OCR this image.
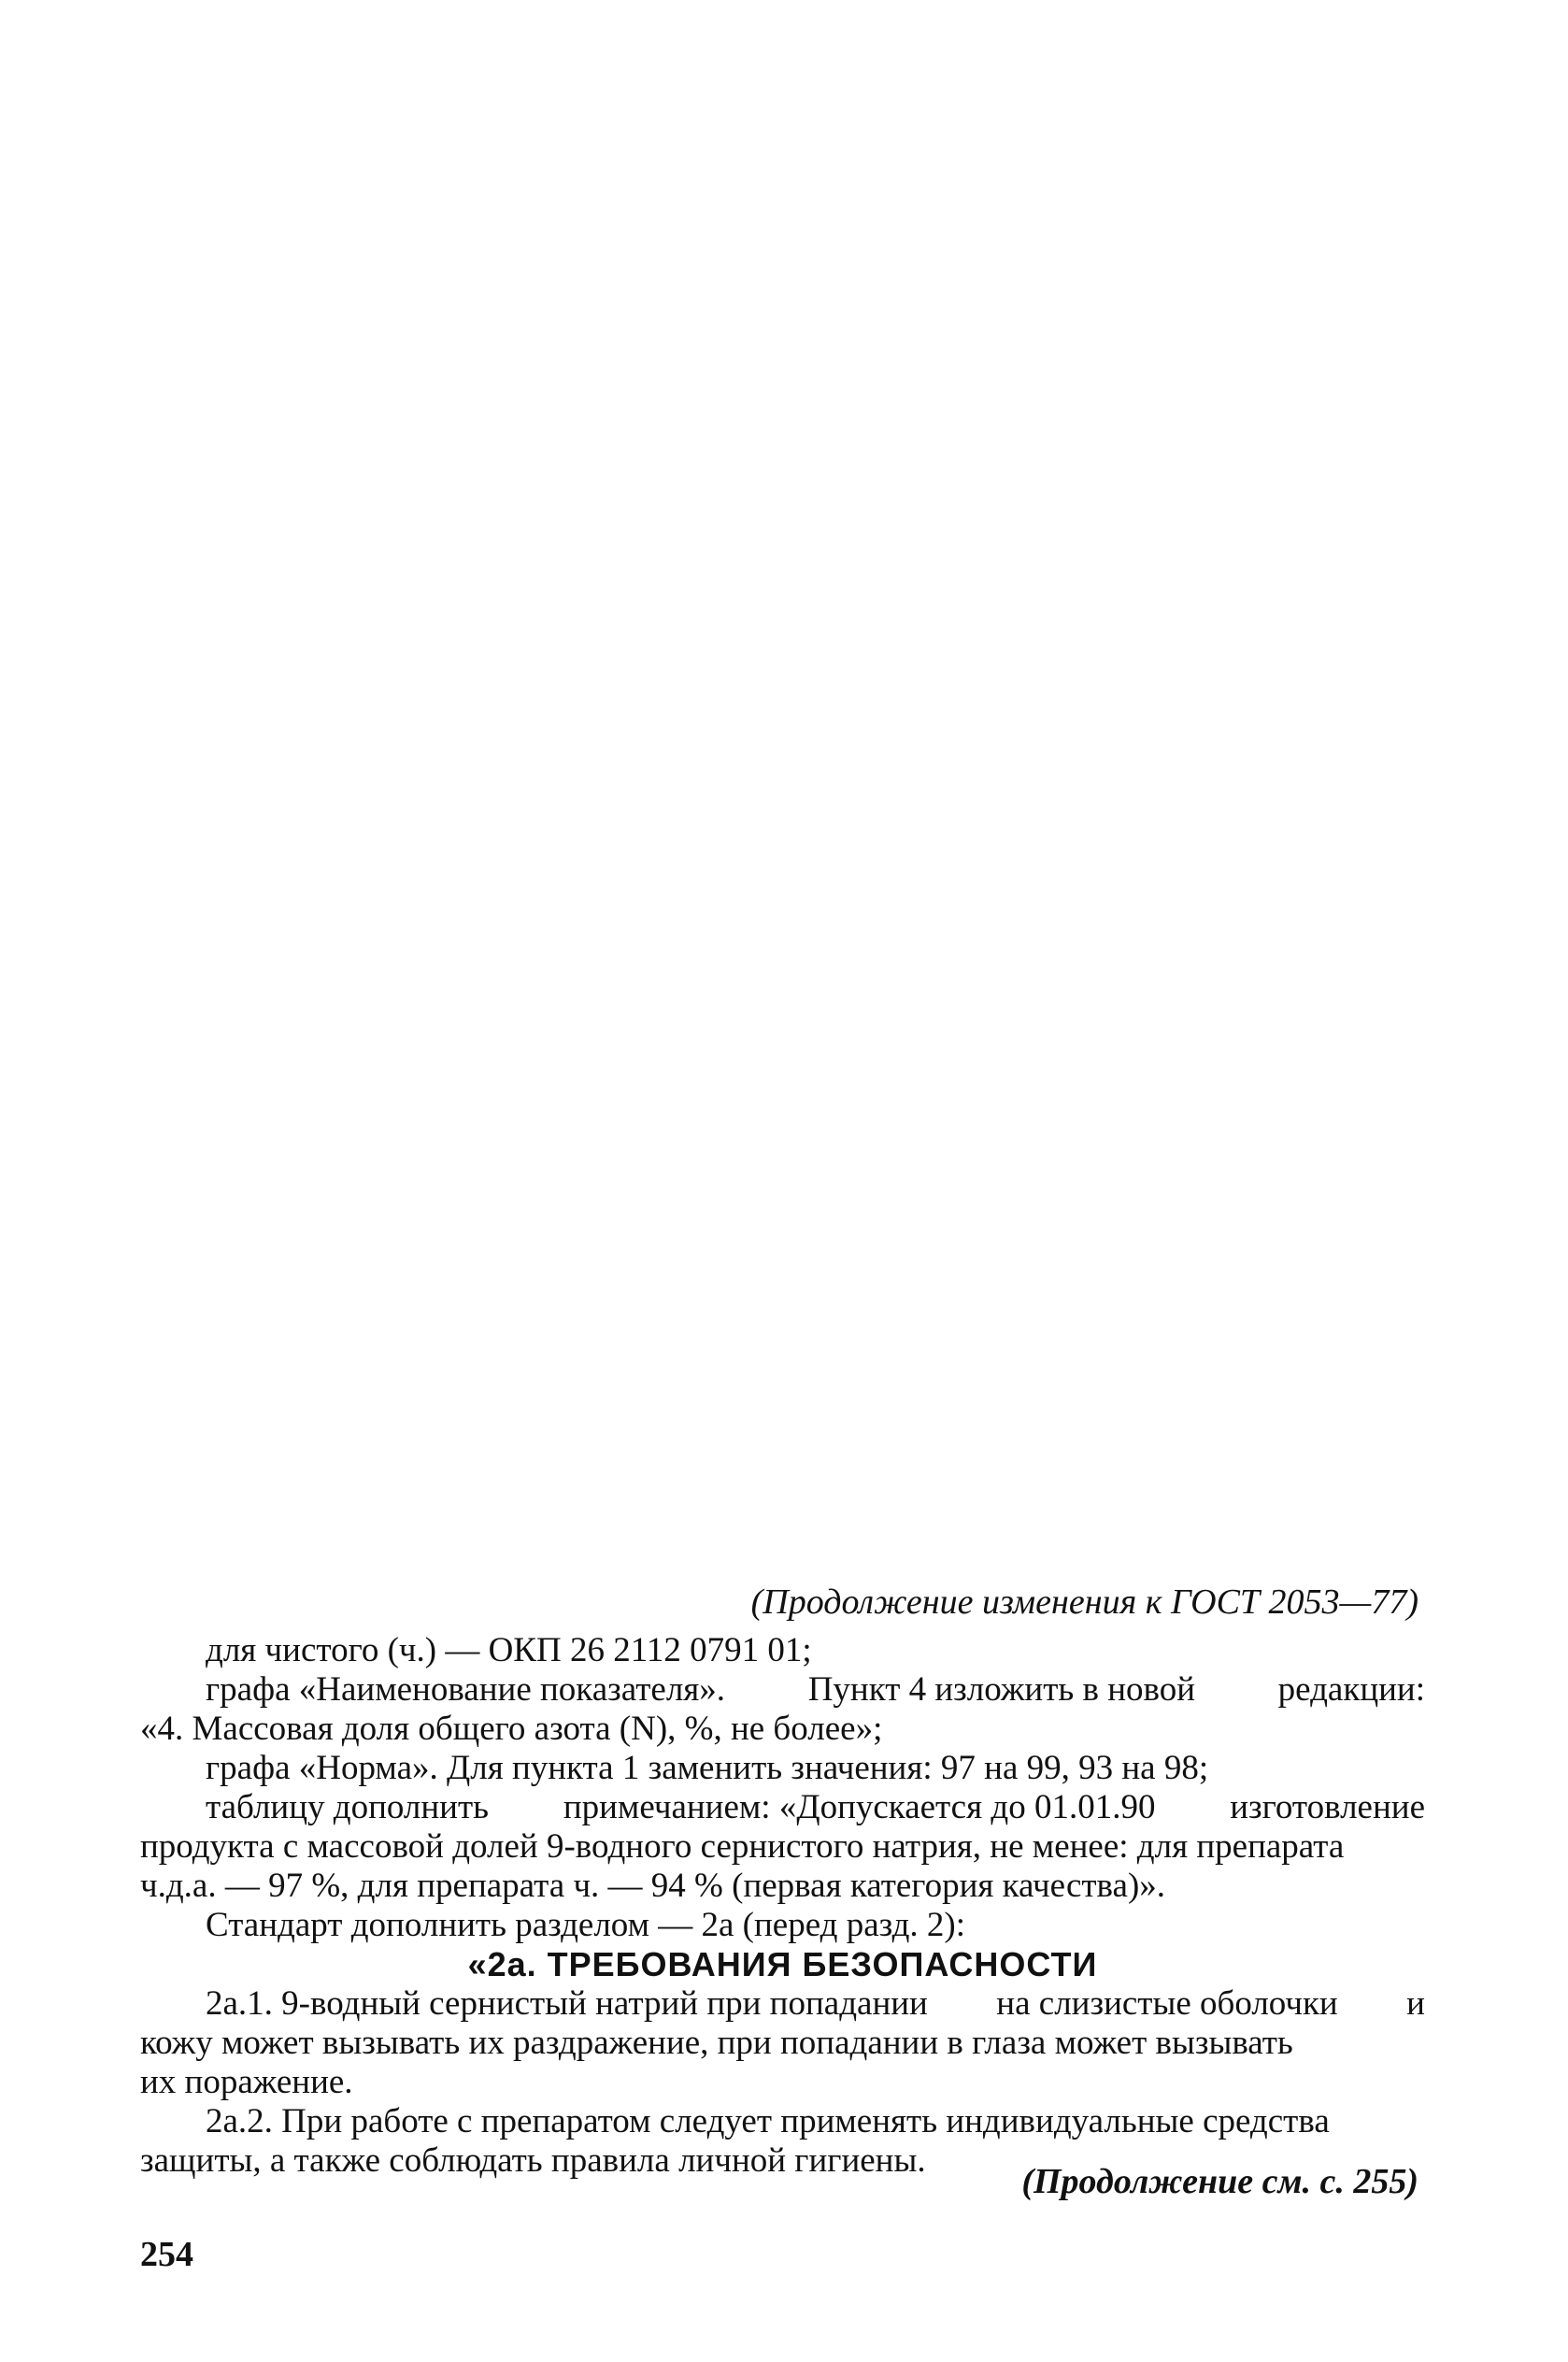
(Продолжение изменения к ГОСТ 2053—77)
для чистого (ч.) — ОКП 26 2112 0791 01;
графа «Наименование показателя». Пункт 4 изложить в новой редакции:
«4. Массовая доля общего азота (N), %, не более»;
графа «Норма». Для пункта 1 заменить значения: 97 на 99, 93 на 98;
таблицу дополнить примечанием: «Допускается до 01.01.90 изготовление
продукта с массовой долей 9-водного сернистого натрия, не менее: для препарата
ч.д.а. — 97 %, для препарата ч. — 94 % (первая категория качества)».
Стандарт дополнить разделом — 2а (перед разд. 2):
«2а. ТРЕБОВАНИЯ БЕЗОПАСНОСТИ
2а.1. 9-водный сернистый натрий при попадании на слизистые оболочки и
кожу может вызывать их раздражение, при попадании в глаза может вызывать
их поражение.
2а.2. При работе с препаратом следует применять индивидуальные средства
защиты, а также соблюдать правила личной гигиены.
(Продолжение см. с. 255)
254
